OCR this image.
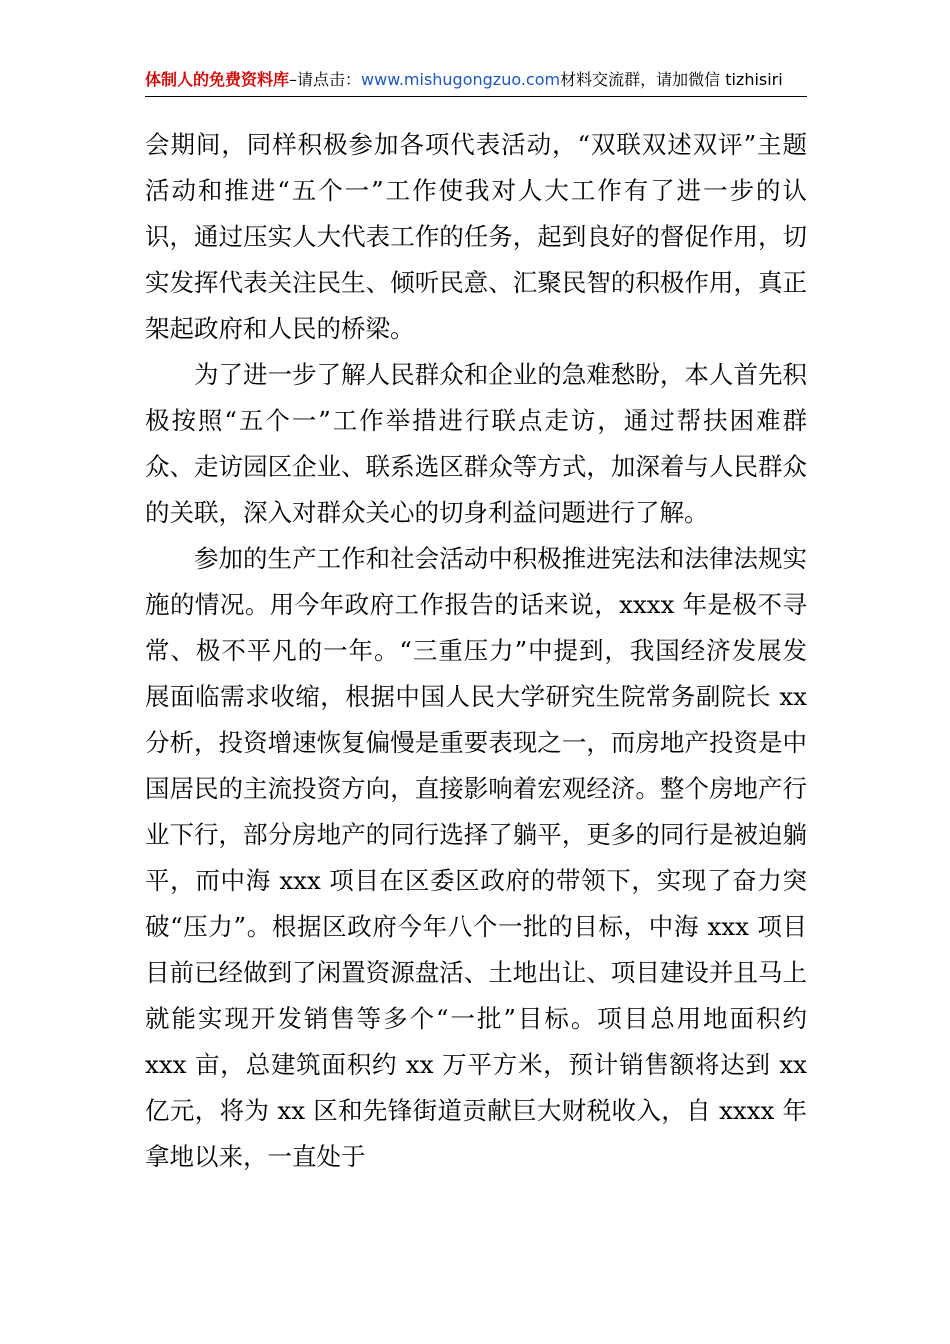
体制人的免费资料库–请点击：www.mishugongzuo.com材料交流群，请加微信 tizhisiri

会期间，同样积极参加各项代表活动，“双联双述双评”主题活动和推进“五个一”工作使我对人大工作有了进一步的认识，通过压实人大代表工作的任务，起到良好的督促作用，切实发挥代表关注民生、倾听民意、汇聚民智的积极作用，真正架起政府和人民的桥梁。

为了进一步了解人民群众和企业的急难愁盼，本人首先积极按照“五个一”工作举措进行联点走访，通过帮扶困难群众、走访园区企业、联系选区群众等方式，加深着与人民群众的关联，深入对群众关心的切身利益问题进行了解。

参加的生产工作和社会活动中积极推进宪法和法律法规实施的情况。用今年政府工作报告的话来说，xxxx 年是极不寻常、极不平凡的一年。“三重压力”中提到，我国经济发展发展面临需求收缩，根据中国人民大学研究生院常务副院长 xx 分析，投资增速恢复偏慢是重要表现之一，而房地产投资是中国居民的主流投资方向，直接影响着宏观经济。整个房地产行业下行，部分房地产的同行选择了躺平，更多的同行是被迫躺平，而中海 xxx 项目在区委区政府的带领下，实现了奋力突破“压力”。根据区政府今年八个一批的目标，中海 xxx 项目目前已经做到了闲置资源盘活、土地出让、项目建设并且马上就能实现开发销售等多个“一批”目标。项目总用地面积约 xxx 亩，总建筑面积约 xx 万平方米，预计销售额将达到 xx 亿元，将为 xx 区和先锋街道贡献巨大财税收入，自 xxxx 年拿地以来，一直处于
